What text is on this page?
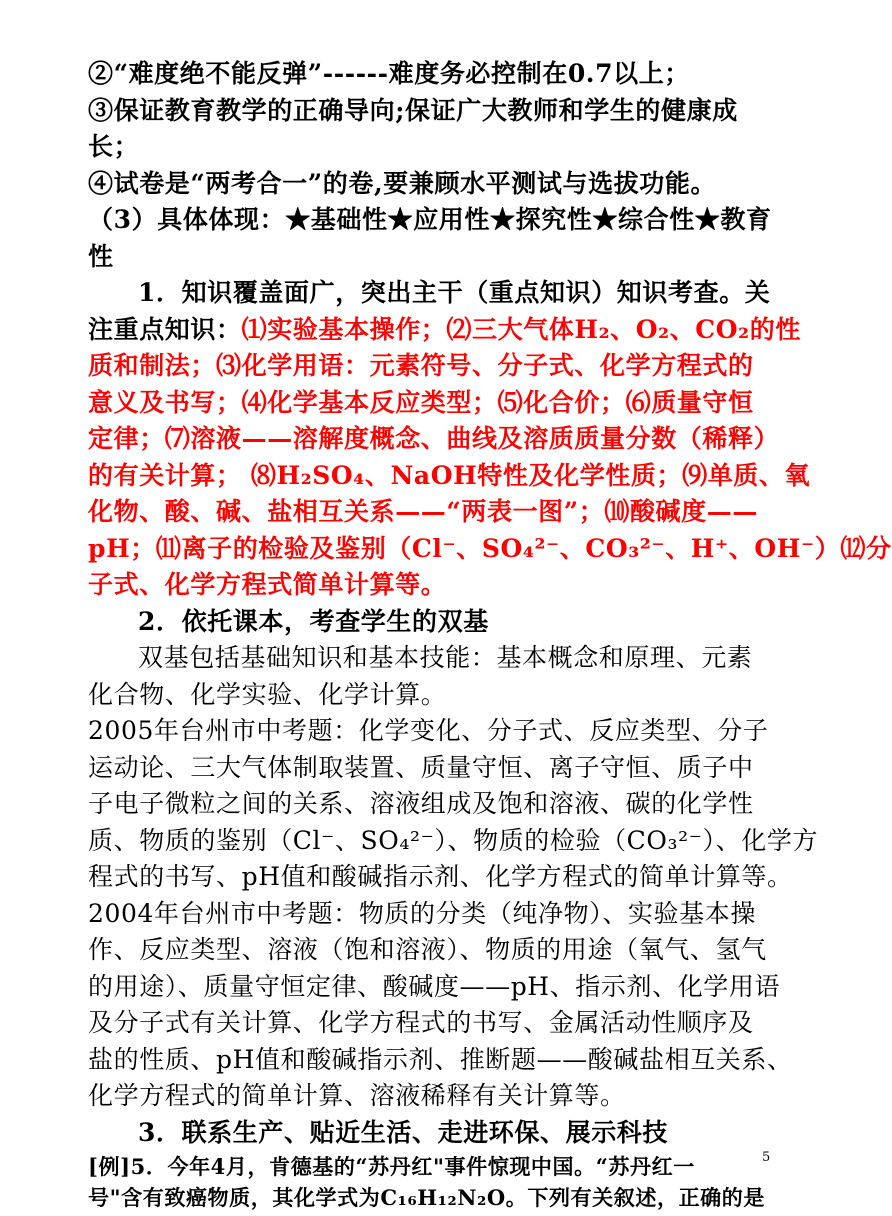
②“难度绝不能反弹”------难度务必控制在0.7以上；
③保证教育教学的正确导向;保证广大教师和学生的健康成
长；
④试卷是“两考合一”的卷,要兼顾水平测试与选拔功能。
（3）具体体现：★基础性★应用性★探究性★综合性★教育
性
1．知识覆盖面广，突出主干（重点知识）知识考查。关
注重点知识：⑴实验基本操作；⑵三大气体H₂、O₂、CO₂的性
质和制法；⑶化学用语：元素符号、分子式、化学方程式的
意义及书写；⑷化学基本反应类型；⑸化合价；⑹质量守恒
定律；⑺溶液——溶解度概念、曲线及溶质质量分数（稀释）
的有关计算； ⑻H₂SO₄、NaOH特性及化学性质；⑼单质、氧
化物、酸、碱、盐相互关系——“两表一图”；⑽酸碱度——
pH；⑾离子的检验及鉴别（Cl⁻、SO₄²⁻、CO₃²⁻、H⁺、OH⁻）⑿分
子式、化学方程式简单计算等。
2．依托课本，考查学生的双基
双基包括基础知识和基本技能：基本概念和原理、元素
化合物、化学实验、化学计算。
2005年台州市中考题：化学变化、分子式、反应类型、分子
运动论、三大气体制取装置、质量守恒、离子守恒、质子中
子电子微粒之间的关系、溶液组成及饱和溶液、碳的化学性
质、物质的鉴别（Cl⁻、SO₄²⁻）、物质的检验（CO₃²⁻）、化学方
程式的书写、pH值和酸碱指示剂、化学方程式的简单计算等。
2004年台州市中考题：物质的分类（纯净物）、实验基本操
作、反应类型、溶液（饱和溶液）、物质的用途（氧气、氢气
的用途）、质量守恒定律、酸碱度——pH、指示剂、化学用语
及分子式有关计算、化学方程式的书写、金属活动性顺序及
盐的性质、pH值和酸碱指示剂、推断题——酸碱盐相互关系、
化学方程式的简单计算、溶液稀释有关计算等。
3．联系生产、贴近生活、走进环保、展示科技
[例]5．今年4月，肯德基的“苏丹红"事件惊现中国。“苏丹红一
号"含有致癌物质，其化学式为C₁₆H₁₂N₂O。下列有关叙述，正确的是
5
